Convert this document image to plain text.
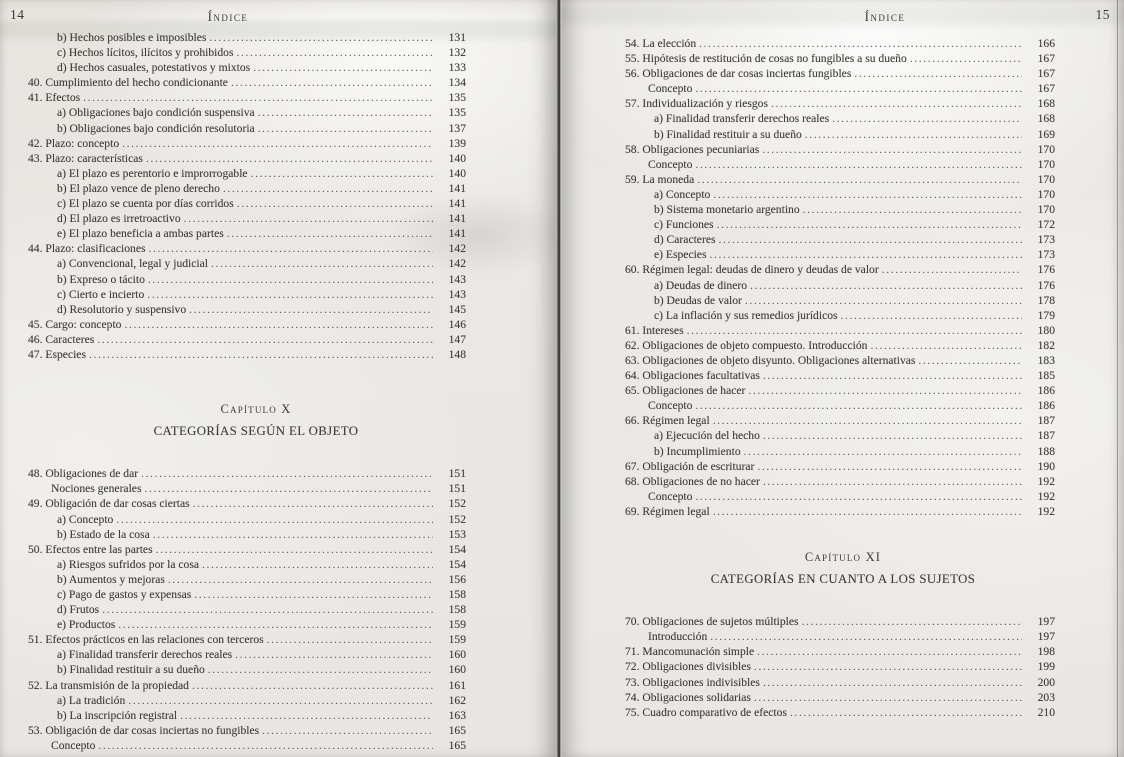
14	Índice
b) Hechos posibles e imposibles .....	131
c) Hechos lícitos, ilícitos y prohibidos .....	132
d) Hechos casuales, potestativos y mixtos .....	133
40. Cumplimiento del hecho condicionante .....	134
41. Efectos .....	135
a) Obligaciones bajo condición suspensiva .....	135
b) Obligaciones bajo condición resolutoria .....	137
42. Plazo: concepto .....	139
43. Plazo: características .....	140
a) El plazo es perentorio e improrrogable .....	140
b) El plazo vence de pleno derecho .....	141
c) El plazo se cuenta por días corridos .....	141
d) El plazo es irretroactivo .....	141
e) El plazo beneficia a ambas partes .....	141
44. Plazo: clasificaciones .....	142
a) Convencional, legal y judicial .....	142
b) Expreso o tácito .....	143
c) Cierto e incierto .....	143
d) Resolutorio y suspensivo .....	145
45. Cargo: concepto .....	146
46. Caracteres .....	147
47. Especies .....	148
Capítulo X
CATEGORÍAS SEGÚN EL OBJETO
48. Obligaciones de dar .....	151
Nociones generales .....	151
49. Obligación de dar cosas ciertas .....	152
a) Concepto .....	152
b) Estado de la cosa .....	153
50. Efectos entre las partes .....	154
a) Riesgos sufridos por la cosa .....	154
b) Aumentos y mejoras .....	156
c) Pago de gastos y expensas .....	158
d) Frutos .....	158
e) Productos .....	159
51. Efectos prácticos en las relaciones con terceros .....	159
a) Finalidad transferir derechos reales .....	160
b) Finalidad restituir a su dueño .....	160
52. La transmisión de la propiedad .....	161
a) La tradición .....	162
b) La inscripción registral .....	163
53. Obligación de dar cosas inciertas no fungibles .....	165
Concepto .....	165
Índice	15
54. La elección .....	166
55. Hipótesis de restitución de cosas no fungibles a su dueño .....	167
56. Obligaciones de dar cosas inciertas fungibles .....	167
Concepto .....	167
57. Individualización y riesgos .....	168
a) Finalidad transferir derechos reales .....	168
b) Finalidad restituir a su dueño .....	169
58. Obligaciones pecuniarias .....	170
Concepto .....	170
59. La moneda .....	170
a) Concepto .....	170
b) Sistema monetario argentino .....	170
c) Funciones .....	172
d) Caracteres .....	173
e) Especies .....	173
60. Régimen legal: deudas de dinero y deudas de valor .....	176
a) Deudas de dinero .....	176
b) Deudas de valor .....	178
c) La inflación y sus remedios jurídicos .....	179
61. Intereses .....	180
62. Obligaciones de objeto compuesto. Introducción .....	182
63. Obligaciones de objeto disyunto. Obligaciones alternativas .....	183
64. Obligaciones facultativas .....	185
65. Obligaciones de hacer .....	186
Concepto .....	186
66. Régimen legal .....	187
a) Ejecución del hecho .....	187
b) Incumplimiento .....	188
67. Obligación de escriturar .....	190
68. Obligaciones de no hacer .....	192
Concepto .....	192
69. Régimen legal .....	192
Capítulo XI
CATEGORÍAS EN CUANTO A LOS SUJETOS
70. Obligaciones de sujetos múltiples .....	197
Introducción .....	197
71. Mancomunación simple .....	198
72. Obligaciones divisibles .....	199
73. Obligaciones indivisibles .....	200
74. Obligaciones solidarias .....	203
75. Cuadro comparativo de efectos .....	210
